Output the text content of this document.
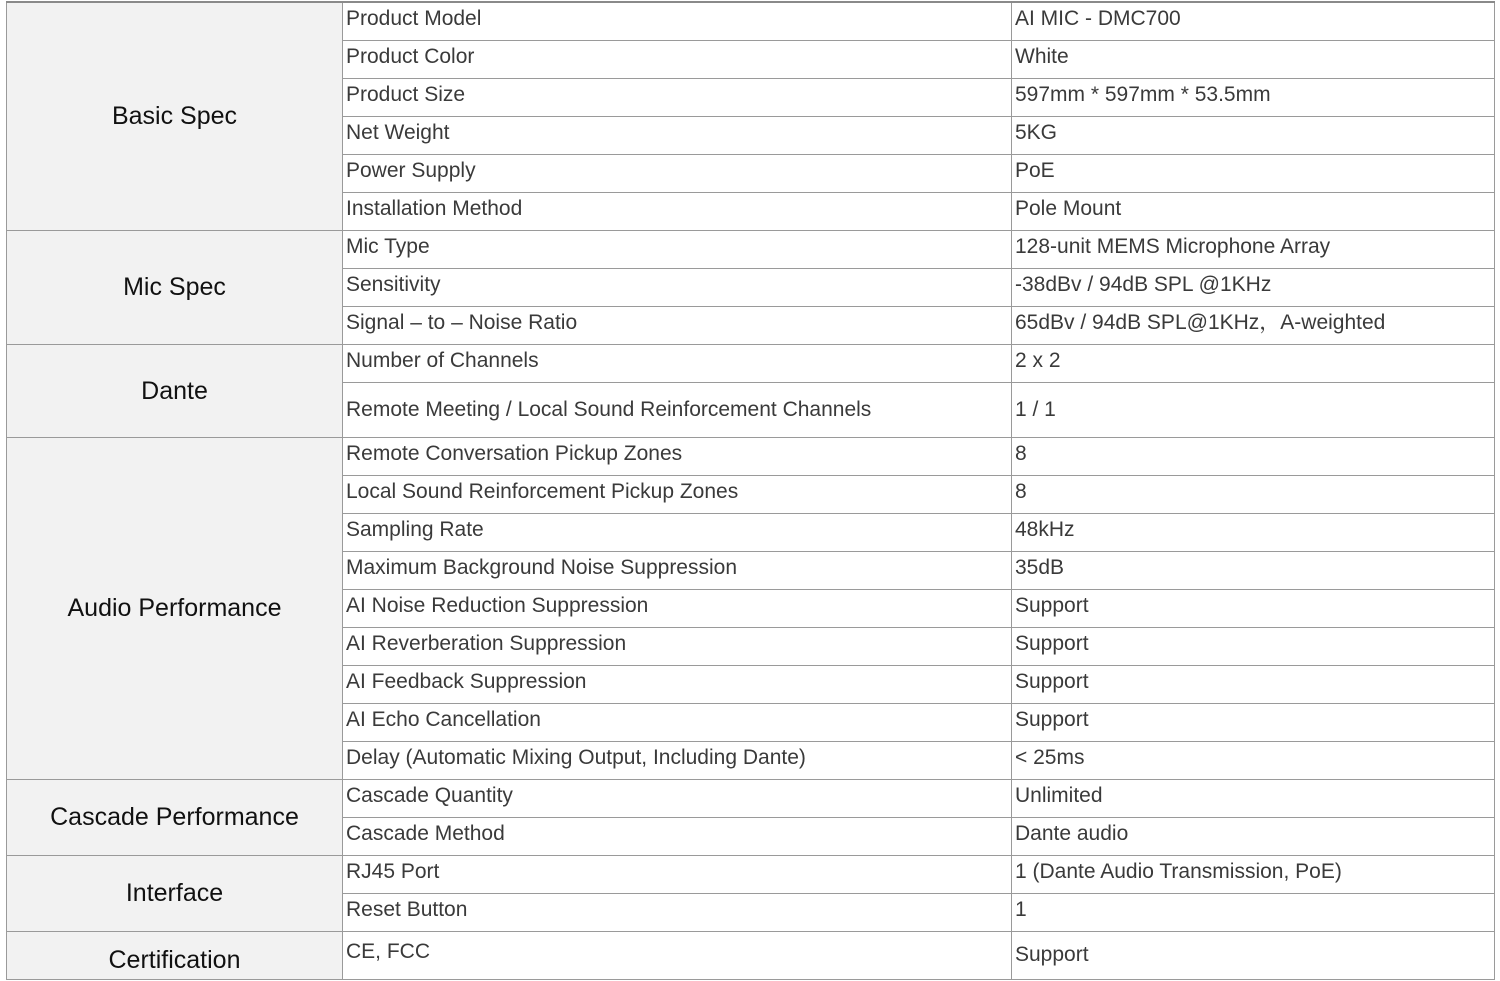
Basic Spec	Product Model	AI MIC - DMC700
	Product Color	White
	Product Size	597mm * 597mm * 53.5mm
	Net Weight	5KG
	Power Supply	PoE
	Installation Method	Pole Mount
Mic Spec	Mic Type	128-unit MEMS Microphone Array
	Sensitivity	-38dBv / 94dB SPL @1KHz
	Signal – to – Noise Ratio	65dBv / 94dB SPL@1KHz，A-weighted
Dante	Number of Channels	2 x 2
	Remote Meeting / Local Sound Reinforcement Channels	1 / 1
Audio Performance	Remote Conversation Pickup Zones	8
	Local Sound Reinforcement Pickup Zones	8
	Sampling Rate	48kHz
	Maximum Background Noise Suppression	35dB
	AI Noise Reduction Suppression	Support
	AI Reverberation Suppression	Support
	AI Feedback Suppression	Support
	AI Echo Cancellation	Support
	Delay (Automatic Mixing Output, Including Dante)	< 25ms
Cascade Performance	Cascade Quantity	Unlimited
	Cascade Method	Dante audio
Interface	RJ45 Port	1 (Dante Audio Transmission, PoE)
	Reset Button	1
Certification	CE, FCC	Support
